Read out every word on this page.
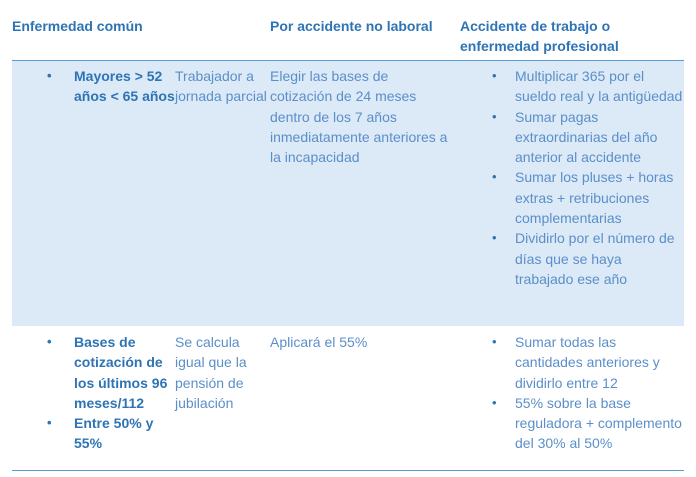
Enfermedad común	Por accidente no laboral Accidente de trabajo o
enfermedad profesional
• Mayores > 52 años < 65 años
Trabajador a jornada parcial
Elegir las bases de cotización de 24 meses dentro de los 7 años inmediatamente anteriores a la incapacidad
• Multiplicar 365 por el sueldo real y la antigüedad
• Sumar pagas extraordinarias del año anterior al accidente
• Sumar los pluses + horas extras + retribuciones complementarias
• Dividirlo por el número de días que se haya trabajado ese año
• Bases de cotización de los últimos 96 meses/112
• Entre 50% y 55%
Se calcula igual que la pensión de jubilación
Aplicará el 55%	• Sumar todas las cantidades anteriores y dividirlo entre 12
• 55% sobre la base reguladora + complemento del 30% al 50%
